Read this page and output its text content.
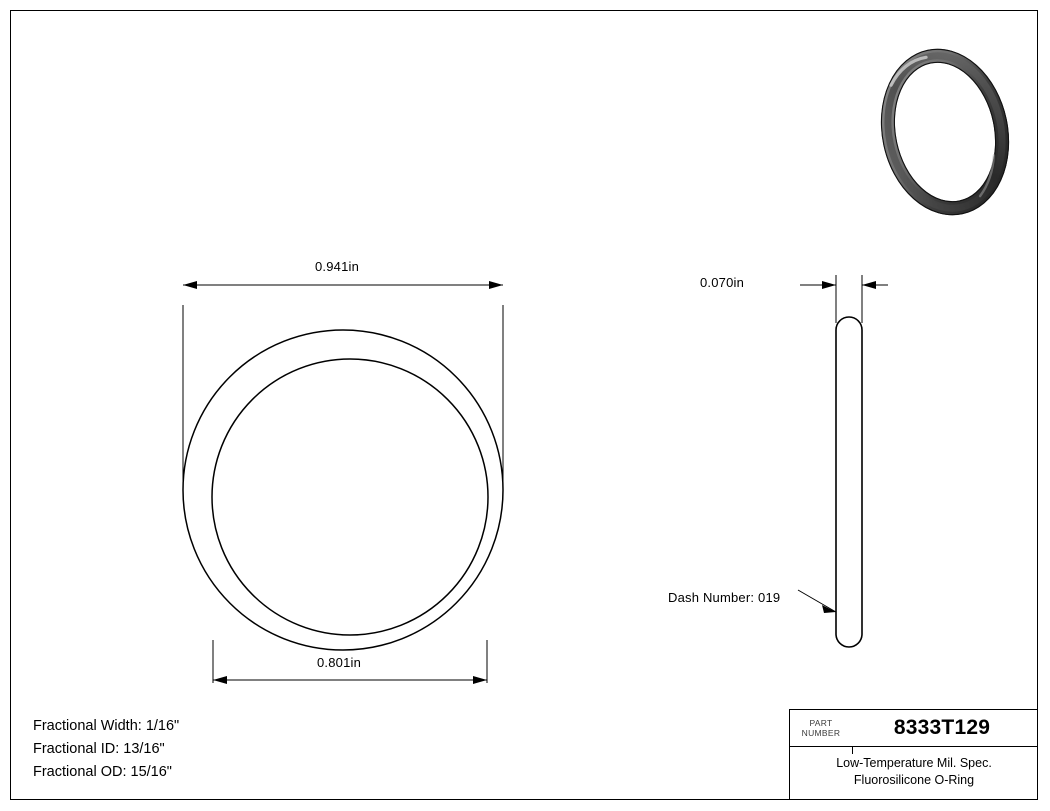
0.941in
0.801in
0.070in
Dash Number: 019
Fractional Width: 1/16"
Fractional ID: 13/16"
Fractional OD: 15/16"
PART
NUMBER	8333T129
Low-Temperature Mil. Spec.
Fluorosilicone O-Ring
